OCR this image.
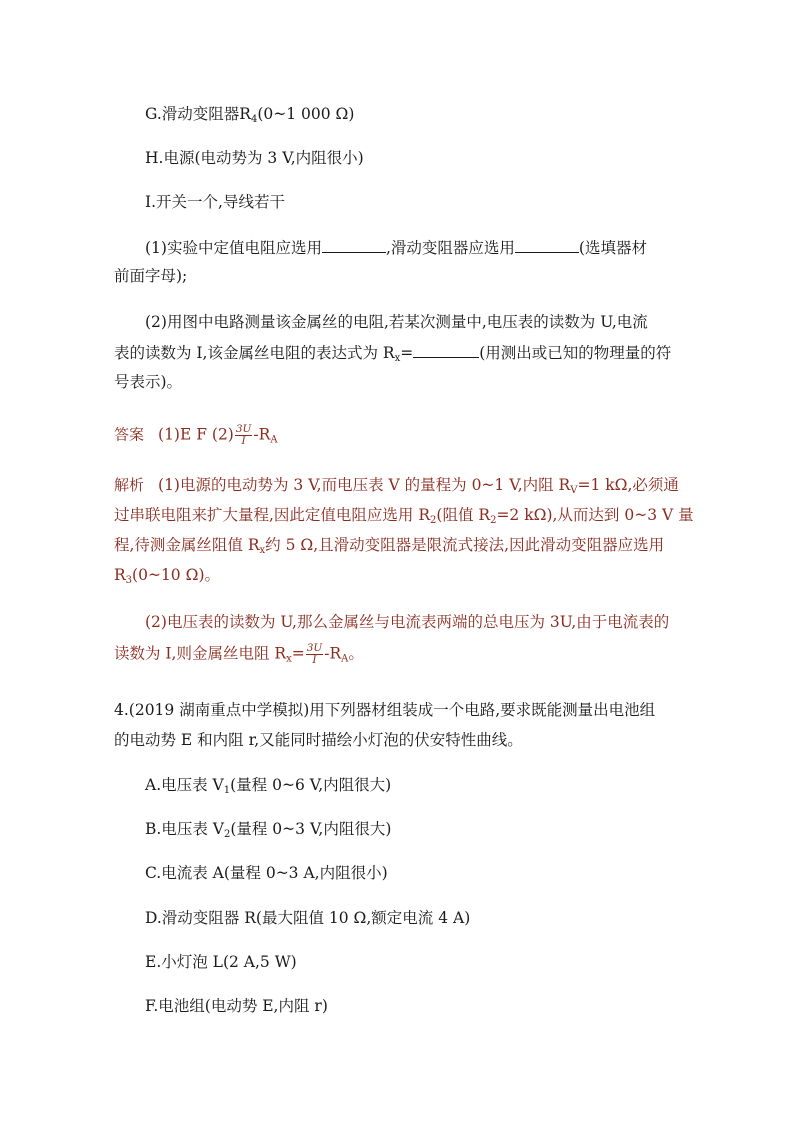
G.滑动变阻器$R_4(0\sim 1$ 000 Ω)
H.电源(电动势为 3 V,内阻很小)
I.开关一个,导线若干
(1)实验中定值电阻应选用	,滑动变阻器应选用	(选填器材
前面字母);
(2)用图中电路测量该金属丝的电阻,若某次测量中,电压表的读数为 U,电流
表的读数为 I,该金属丝电阻的表达式为 $R_x=$	(用测出或已知的物理量的符
号表示)。
答案 (1)E F $(2) \frac{3U}{I} -R_A$
解析 (1)电源的电动势为 3 V,而电压表 V 的量程为 0~1 V,内阻 $R_V=1$ kΩ,必须通
过串联电阻来扩大量程,因此定值电阻应选用 $R_2$(阻值 $R_2=2$ kΩ),从而达到 0~3 V 量
程,待测金属丝阻值 $R_x$约 5 Ω,且滑动变阻器是限流式接法,因此滑动变阻器应选用
$R_3(0\sim 10$ Ω)。
(2)电压表的读数为 U,那么金属丝与电流表两端的总电压为 3U,由于电流表的
读数为 I,则金属丝电阻 $R_x= \frac{3U}{I} -R_A$。
4.(2019 湖南重点中学模拟)用下列器材组装成一个电路,要求既能测量出电池组
的电动势 E 和内阻 r,又能同时描绘小灯泡的伏安特性曲线。
A.电压表 $V_1$(量程 0~6 V,内阻很大)
B.电压表 $V_2$(量程 0~3 V,内阻很大)
C.电流表 A(量程 0~3 A,内阻很小)
D.滑动变阻器 R(最大阻值 10 Ω,额定电流 4 A)
E.小灯泡 L(2 A,5 W)
F.电池组(电动势 E,内阻 r)
